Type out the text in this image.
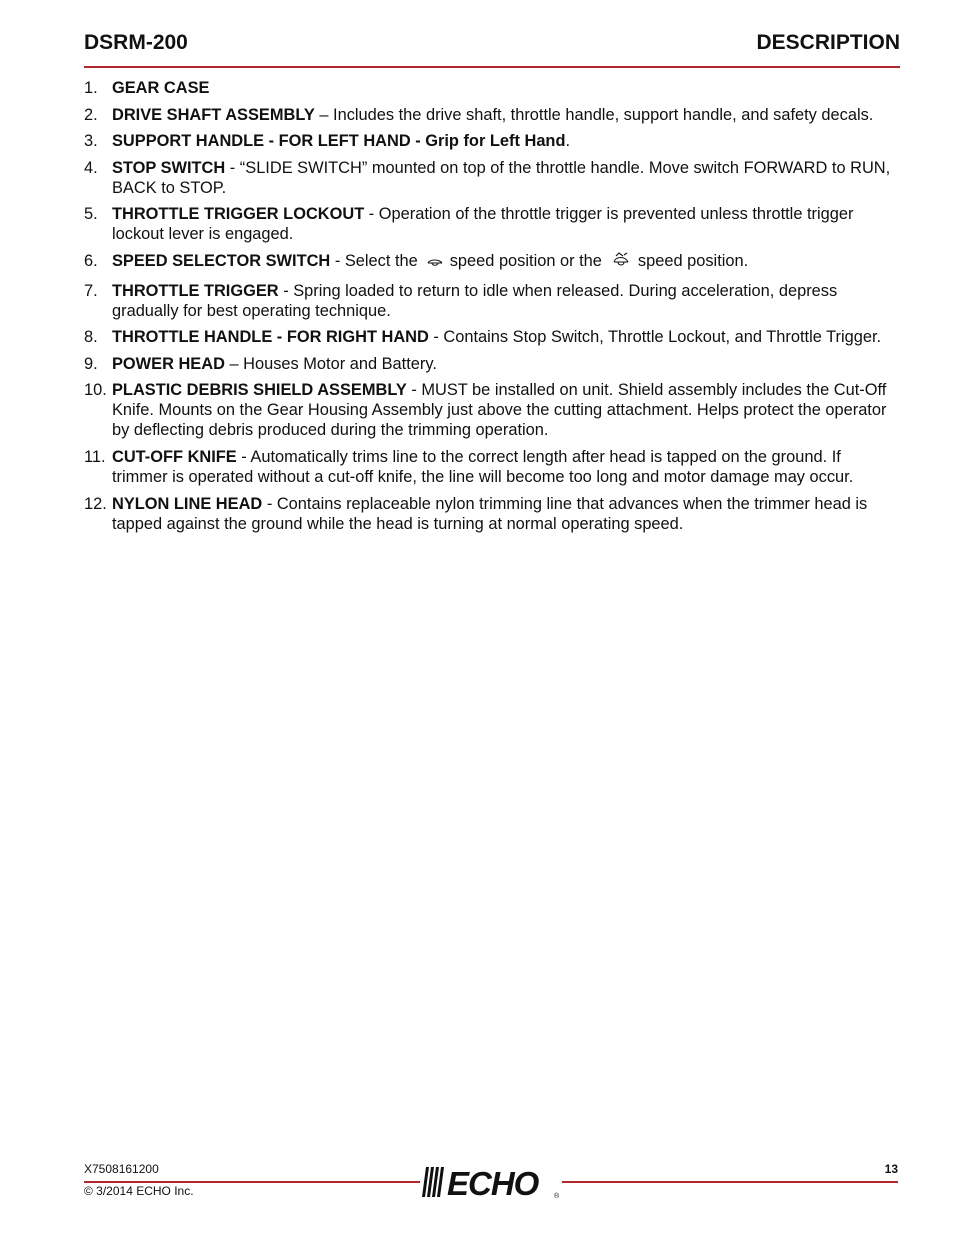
DSRM-200	DESCRIPTION
1. GEAR CASE
2. DRIVE SHAFT ASSEMBLY – Includes the drive shaft, throttle handle, support handle, and safety decals.
3. SUPPORT HANDLE - FOR LEFT HAND - Grip for Left Hand.
4. STOP SWITCH - “SLIDE SWITCH” mounted on top of the throttle handle. Move switch FORWARD to RUN, BACK to STOP.
5. THROTTLE TRIGGER LOCKOUT - Operation of the throttle trigger is prevented unless throttle trigger lockout lever is engaged.
6. SPEED SELECTOR SWITCH - Select the speed position or the speed position.
7. THROTTLE TRIGGER - Spring loaded to return to idle when released. During acceleration, depress gradually for best operating technique.
8. THROTTLE HANDLE - FOR RIGHT HAND - Contains Stop Switch, Throttle Lockout, and Throttle Trigger.
9. POWER HEAD – Houses Motor and Battery.
10. PLASTIC DEBRIS SHIELD ASSEMBLY - MUST be installed on unit. Shield assembly includes the Cut-Off Knife. Mounts on the Gear Housing Assembly just above the cutting attachment. Helps protect the operator by deflecting debris produced during the trimming operation.
11. CUT-OFF KNIFE - Automatically trims line to the correct length after head is tapped on the ground. If trimmer is operated without a cut-off knife, the line will become too long and motor damage may occur.
12. NYLON LINE HEAD - Contains replaceable nylon trimming line that advances when the trimmer head is tapped against the ground while the head is turning at normal operating speed.
X7508161200
© 3/2014 ECHO Inc.
13
ECHO ®
